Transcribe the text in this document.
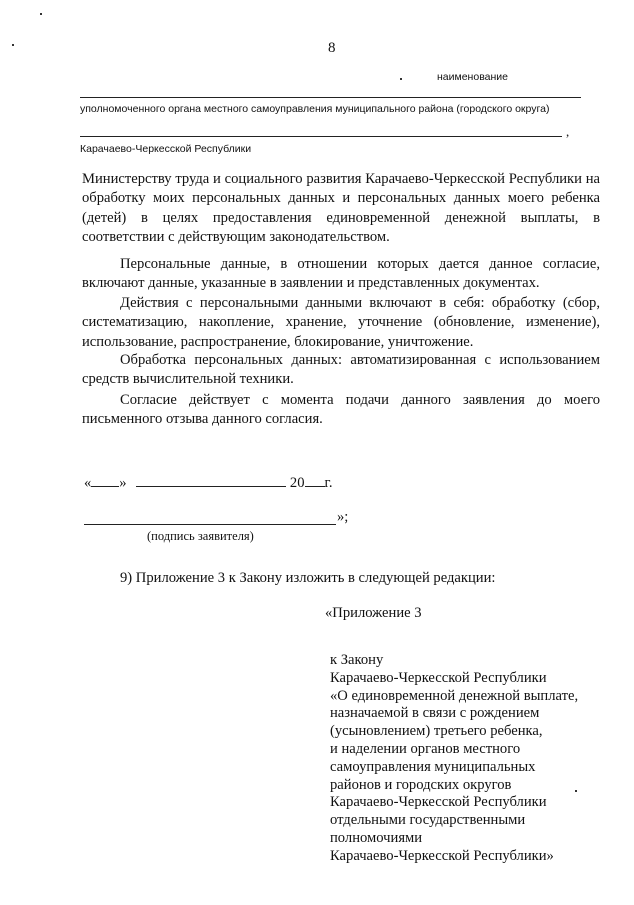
8
наименование
уполномоченного органа местного самоуправления муниципального района (городского округа)
,
Карачаево-Черкесской Республики
Министерству труда и социального развития Карачаево-Черкесской Республики на обработку моих персональных данных и персональных данных моего ребенка (детей) в целях предоставления единовременной денежной выплаты, в соответствии с действующим законодательством.
Персональные данные, в отношении которых дается данное согласие, включают данные, указанные в заявлении и представленных документах.
Действия с персональными данными включают в себя: обработку (сбор, систематизацию, накопление, хранение, уточнение (обновление, изменение), использование, распространение, блокирование, уничтожение.
Обработка персональных данных: автоматизированная с использованием средств вычислительной техники.
Согласие действует с момента подачи данного заявления до моего письменного отзыва данного согласия.
« »	20 г.
»;
(подпись заявителя)
9) Приложение 3 к Закону изложить в следующей редакции:
«Приложение 3
к Закону
Карачаево-Черкесской Республики
«О единовременной денежной выплате,
назначаемой в связи с рождением
(усыновлением) третьего ребенка,
и наделении органов местного
самоуправления муниципальных
районов и городских округов
Карачаево-Черкесской Республики
отдельными государственными
полномочиями
Карачаево-Черкесской Республики»
